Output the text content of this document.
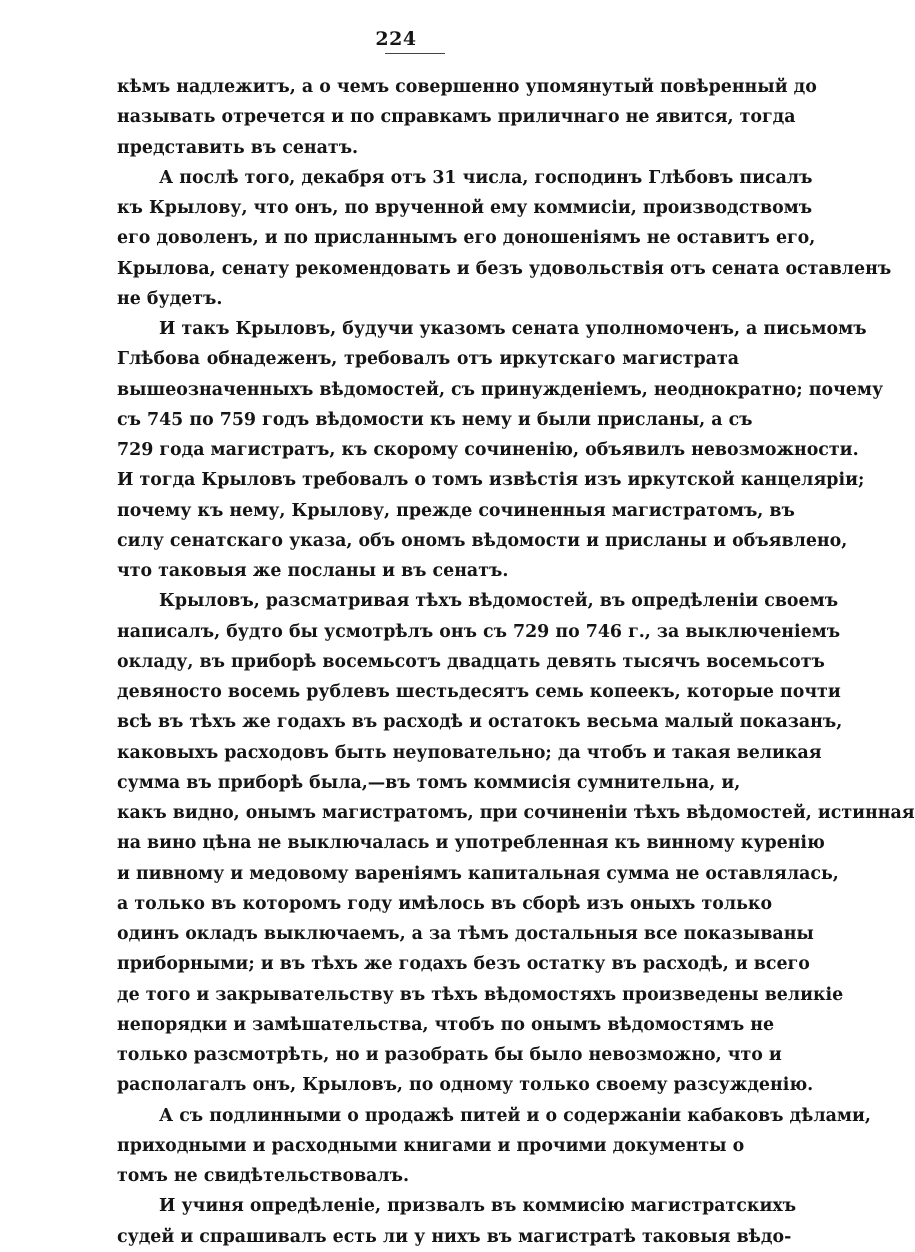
224
кѣмъ надлежитъ, а о чемъ совершенно упомянутый повѣренный до
называть отречется и по справкамъ приличнаго не явится, тогда
представить въ сенатъ.
А послѣ того, декабря отъ 31 числа, господинъ Глѣбовъ писалъ
къ Крылову, что онъ, по врученной ему коммисіи, производствомъ
его доволенъ, и по присланнымъ его доношеніямъ не оставитъ его,
Крылова, сенату рекомендовать и безъ удовольствія отъ сената оставленъ
не будетъ.
И такъ Крыловъ, будучи указомъ сената уполномоченъ, а письмомъ
Глѣбова обнадеженъ, требовалъ отъ иркутскаго магистрата
вышеозначенныхъ вѣдомостей, съ принужденіемъ, неоднократно; почему
съ 745 по 759 годъ вѣдомости къ нему и были присланы, а съ
729 года магистратъ, къ скорому сочиненію, объявилъ невозможности.
И тогда Крыловъ требовалъ о томъ извѣстія изъ иркутской канцеляріи;
почему къ нему, Крылову, прежде сочиненныя магистратомъ, въ
силу сенатскаго указа, объ ономъ вѣдомости и присланы и объявлено,
что таковыя же посланы и въ сенатъ.
Крыловъ, разсматривая тѣхъ вѣдомостей, въ опредѣленіи своемъ
написалъ, будто бы усмотрѣлъ онъ съ 729 по 746 г., за выключеніемъ
окладу, въ приборѣ восемьсотъ двадцать девять тысячъ восемьсотъ
девяносто восемь рублевъ шестьдесятъ семь копеекъ, которые почти
всѣ въ тѣхъ же годахъ въ расходѣ и остатокъ весьма малый показанъ,
каковыхъ расходовъ быть неуповательно; да чтобъ и такая великая
сумма въ приборѣ была,—въ томъ коммисія сумнительна, и,
какъ видно, онымъ магистратомъ, при сочиненіи тѣхъ вѣдомостей, истинная
на вино цѣна не выключалась и употребленная къ винному куренію
и пивному и медовому вареніямъ капитальная сумма не оставлялась,
а только въ которомъ году имѣлось въ сборѣ изъ оныхъ только
одинъ окладъ выключаемъ, а за тѣмъ достальныя все показываны
приборными; и въ тѣхъ же годахъ безъ остатку въ расходѣ, и всего
де того и закрывательству въ тѣхъ вѣдомостяхъ произведены великіе
непорядки и замѣшательства, чтобъ по онымъ вѣдомостямъ не
только разсмотрѣть, но и разобрать бы было невозможно, что и
располагалъ онъ, Крыловъ, по одному только своему разсужденію.
А съ подлинными о продажѣ питей и о содержаніи кабаковъ дѣлами,
приходными и расходными книгами и прочими документы о
томъ не свидѣтельствовалъ.
И учиня опредѣленіе, призвалъ въ коммисію магистратскихъ
судей и спрашивалъ есть ли у нихъ въ магистратѣ таковыя вѣдо-
